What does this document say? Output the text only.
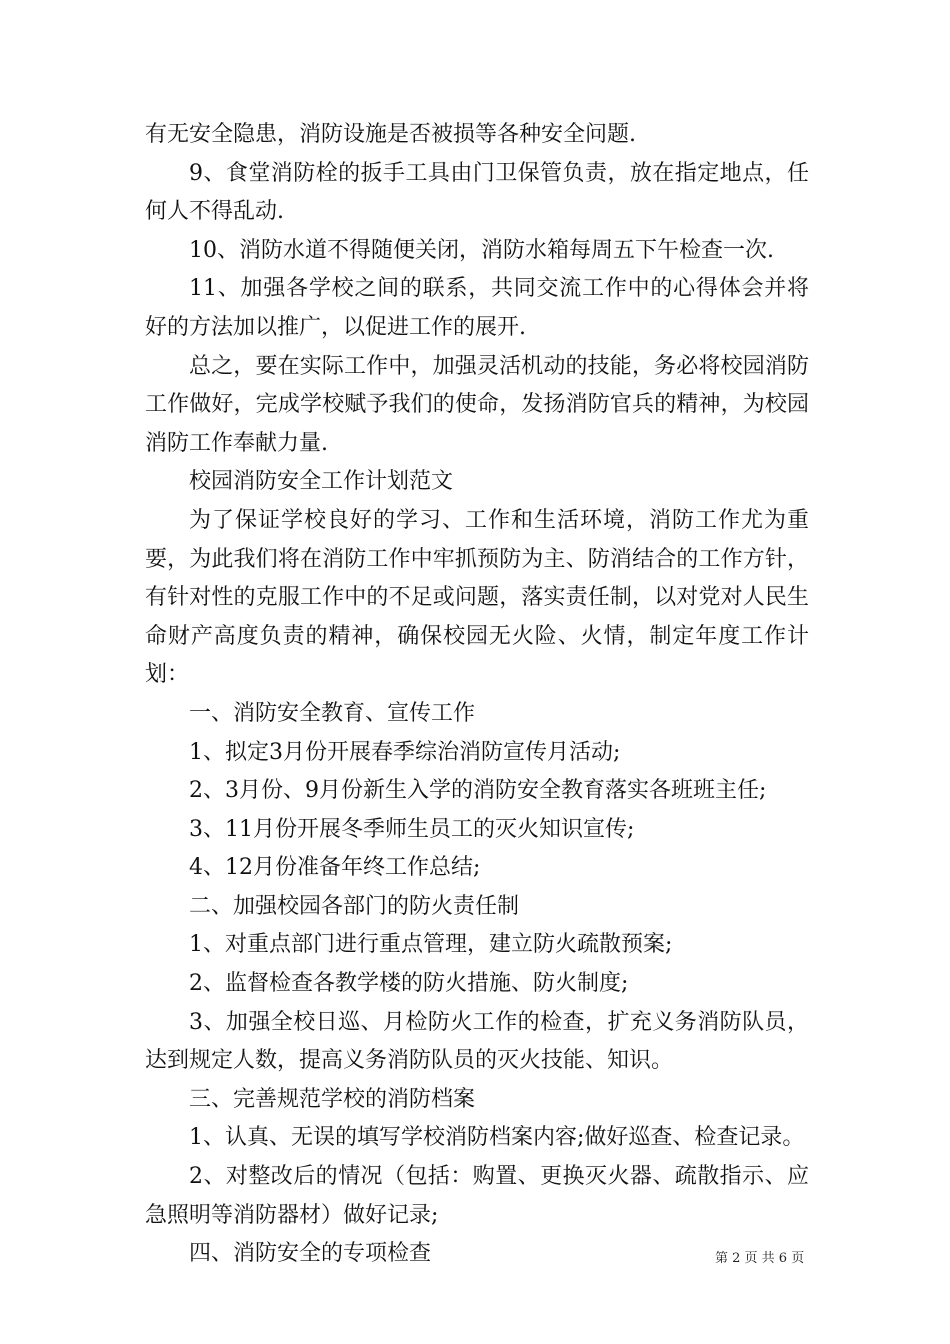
有无安全隐患，消防设施是否被损等各种安全问题.

9、食堂消防栓的扳手工具由门卫保管负责，放在指定地点，任何人不得乱动.

10、消防水道不得随便关闭，消防水箱每周五下午检查一次.

11、加强各学校之间的联系，共同交流工作中的心得体会并将好的方法加以推广，以促进工作的展开.

总之，要在实际工作中，加强灵活机动的技能，务必将校园消防工作做好，完成学校赋予我们的使命，发扬消防官兵的精神，为校园消防工作奉献力量.

校园消防安全工作计划范文

为了保证学校良好的学习、工作和生活环境，消防工作尤为重要，为此我们将在消防工作中牢抓预防为主、防消结合的工作方针，有针对性的克服工作中的不足或问题，落实责任制，以对党对人民生命财产高度负责的精神，确保校园无火险、火情，制定年度工作计划：

一、消防安全教育、宣传工作

1、拟定3月份开展春季综治消防宣传月活动;

2、3月份、9月份新生入学的消防安全教育落实各班班主任;

3、11月份开展冬季师生员工的灭火知识宣传;

4、12月份准备年终工作总结;

二、加强校园各部门的防火责任制

1、对重点部门进行重点管理，建立防火疏散预案;

2、监督检查各教学楼的防火措施、防火制度;

3、加强全校日巡、月检防火工作的检查，扩充义务消防队员，达到规定人数，提高义务消防队员的灭火技能、知识。

三、完善规范学校的消防档案

1、认真、无误的填写学校消防档案内容;做好巡查、检查记录。

2、对整改后的情况（包括：购置、更换灭火器、疏散指示、应急照明等消防器材）做好记录;

四、消防安全的专项检查	第 2 页 共 6 页
